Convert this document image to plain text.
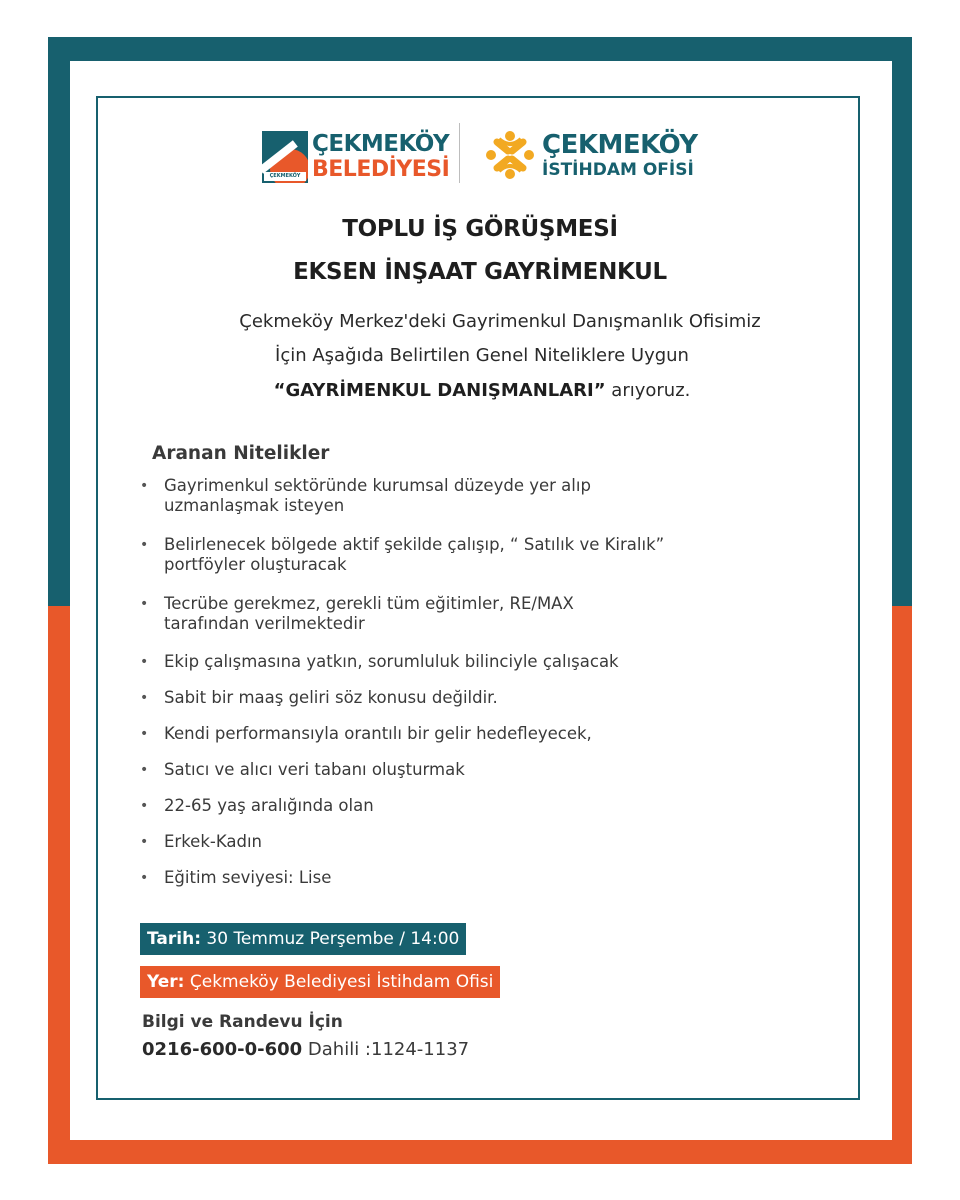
ÇEKMEKÖY
ÇEKMEKÖY
BELEDİYESİ
ÇEKMEKÖY
İSTİHDAM OFİSİ
TOPLU İŞ GÖRÜŞMESİ
EKSEN İNŞAAT GAYRİMENKUL
Çekmeköy Merkez'deki Gayrimenkul Danışmanlık Ofisimiz
İçin Aşağıda Belirtilen Genel Niteliklere Uygun
“GAYRİMENKUL DANIŞMANLARI” arıyoruz.
Aranan Nitelikler
• Gayrimenkul sektöründe kurumsal düzeyde yer alıp
uzmanlaşmak isteyen
• Belirlenecek bölgede aktif şekilde çalışıp, “ Satılık ve Kiralık”
portföyler oluşturacak
• Tecrübe gerekmez, gerekli tüm eğitimler, RE/MAX
tarafından verilmektedir
• Ekip çalışmasına yatkın, sorumluluk bilinciyle çalışacak
• Sabit bir maaş geliri söz konusu değildir.
• Kendi performansıyla orantılı bir gelir hedefleyecek,
• Satıcı ve alıcı veri tabanı oluşturmak
• 22-65 yaş aralığında olan
• Erkek-Kadın
• Eğitim seviyesi: Lise
Tarih: 30 Temmuz Perşembe / 14:00
Yer: Çekmeköy Belediyesi İstihdam Ofisi
Bilgi ve Randevu İçin
0216-600-0-600 Dahili :1124-1137
